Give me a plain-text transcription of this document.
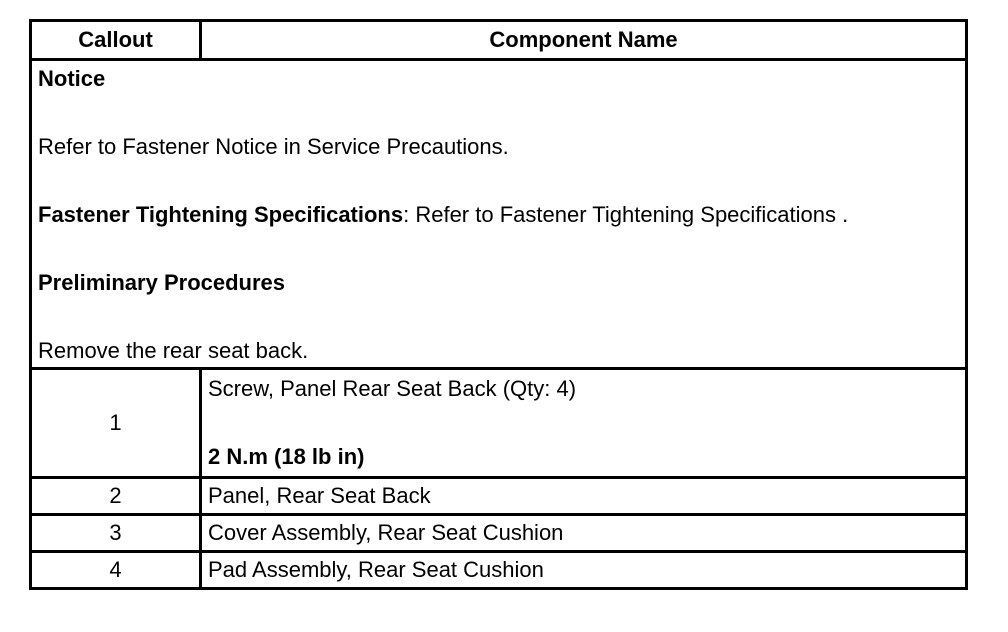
Callout	Component Name

Notice

Refer to Fastener Notice in Service Precautions.

Fastener Tightening Specifications: Refer to Fastener Tightening Specifications .

Preliminary Procedures

Remove the rear seat back.	

1	Screw, Panel Rear Seat Back (Qty: 4)
2 N.m (18 lb in)

2	Panel, Rear Seat Back
3	Cover Assembly, Rear Seat Cushion
4	Pad Assembly, Rear Seat Cushion
